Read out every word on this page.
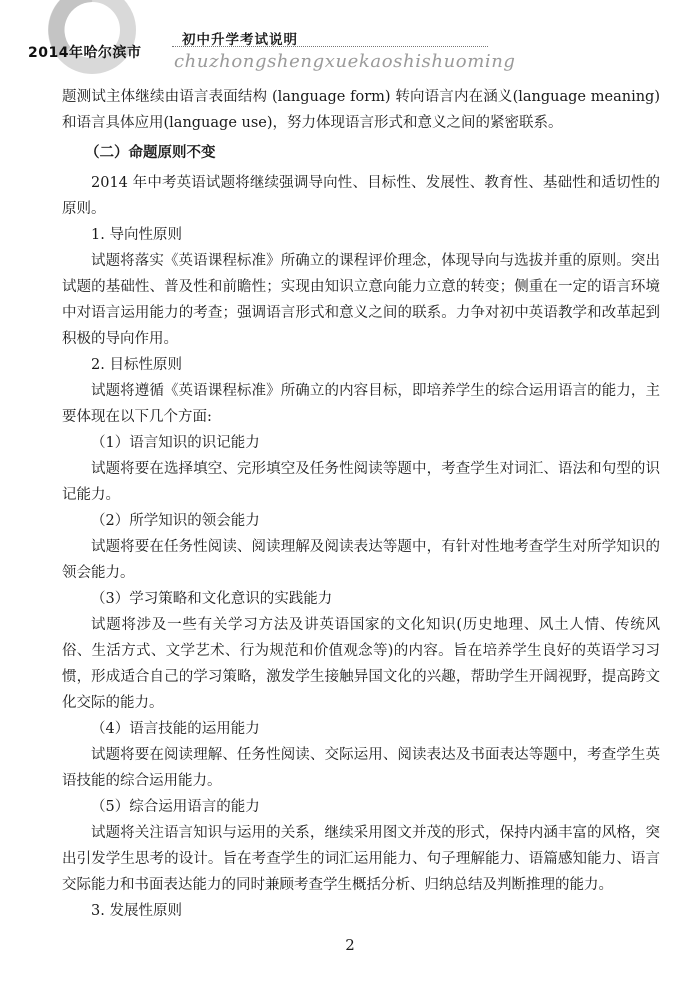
2014年哈尔滨市
初中升学考试说明
chuzhongshengxuekaoshishuoming

题测试主体继续由语言表面结构 (language form) 转向语言内在涵义(language meaning)和语言具体应用(language use)，努力体现语言形式和意义之间的紧密联系。

（二）命题原则不变

2014 年中考英语试题将继续强调导向性、目标性、发展性、教育性、基础性和适切性的原则。

1. 导向性原则

试题将落实《英语课程标准》所确立的课程评价理念，体现导向与选拔并重的原则。突出试题的基础性、普及性和前瞻性；实现由知识立意向能力立意的转变；侧重在一定的语言环境中对语言运用能力的考查；强调语言形式和意义之间的联系。力争对初中英语教学和改革起到积极的导向作用。

2. 目标性原则

试题将遵循《英语课程标准》所确立的内容目标，即培养学生的综合运用语言的能力，主要体现在以下几个方面:

（1）语言知识的识记能力

试题将要在选择填空、完形填空及任务性阅读等题中，考查学生对词汇、语法和句型的识记能力。

（2）所学知识的领会能力

试题将要在任务性阅读、阅读理解及阅读表达等题中，有针对性地考查学生对所学知识的领会能力。

（3）学习策略和文化意识的实践能力

试题将涉及一些有关学习方法及讲英语国家的文化知识(历史地理、风土人情、传统风俗、生活方式、文学艺术、行为规范和价值观念等)的内容。旨在培养学生良好的英语学习习惯，形成适合自己的学习策略，激发学生接触异国文化的兴趣，帮助学生开阔视野，提高跨文化交际的能力。

（4）语言技能的运用能力

试题将要在阅读理解、任务性阅读、交际运用、阅读表达及书面表达等题中，考查学生英语技能的综合运用能力。

（5）综合运用语言的能力

试题将关注语言知识与运用的关系，继续采用图文并茂的形式，保持内涵丰富的风格，突出引发学生思考的设计。旨在考查学生的词汇运用能力、句子理解能力、语篇感知能力、语言交际能力和书面表达能力的同时兼顾考查学生概括分析、归纳总结及判断推理的能力。

3. 发展性原则

2
